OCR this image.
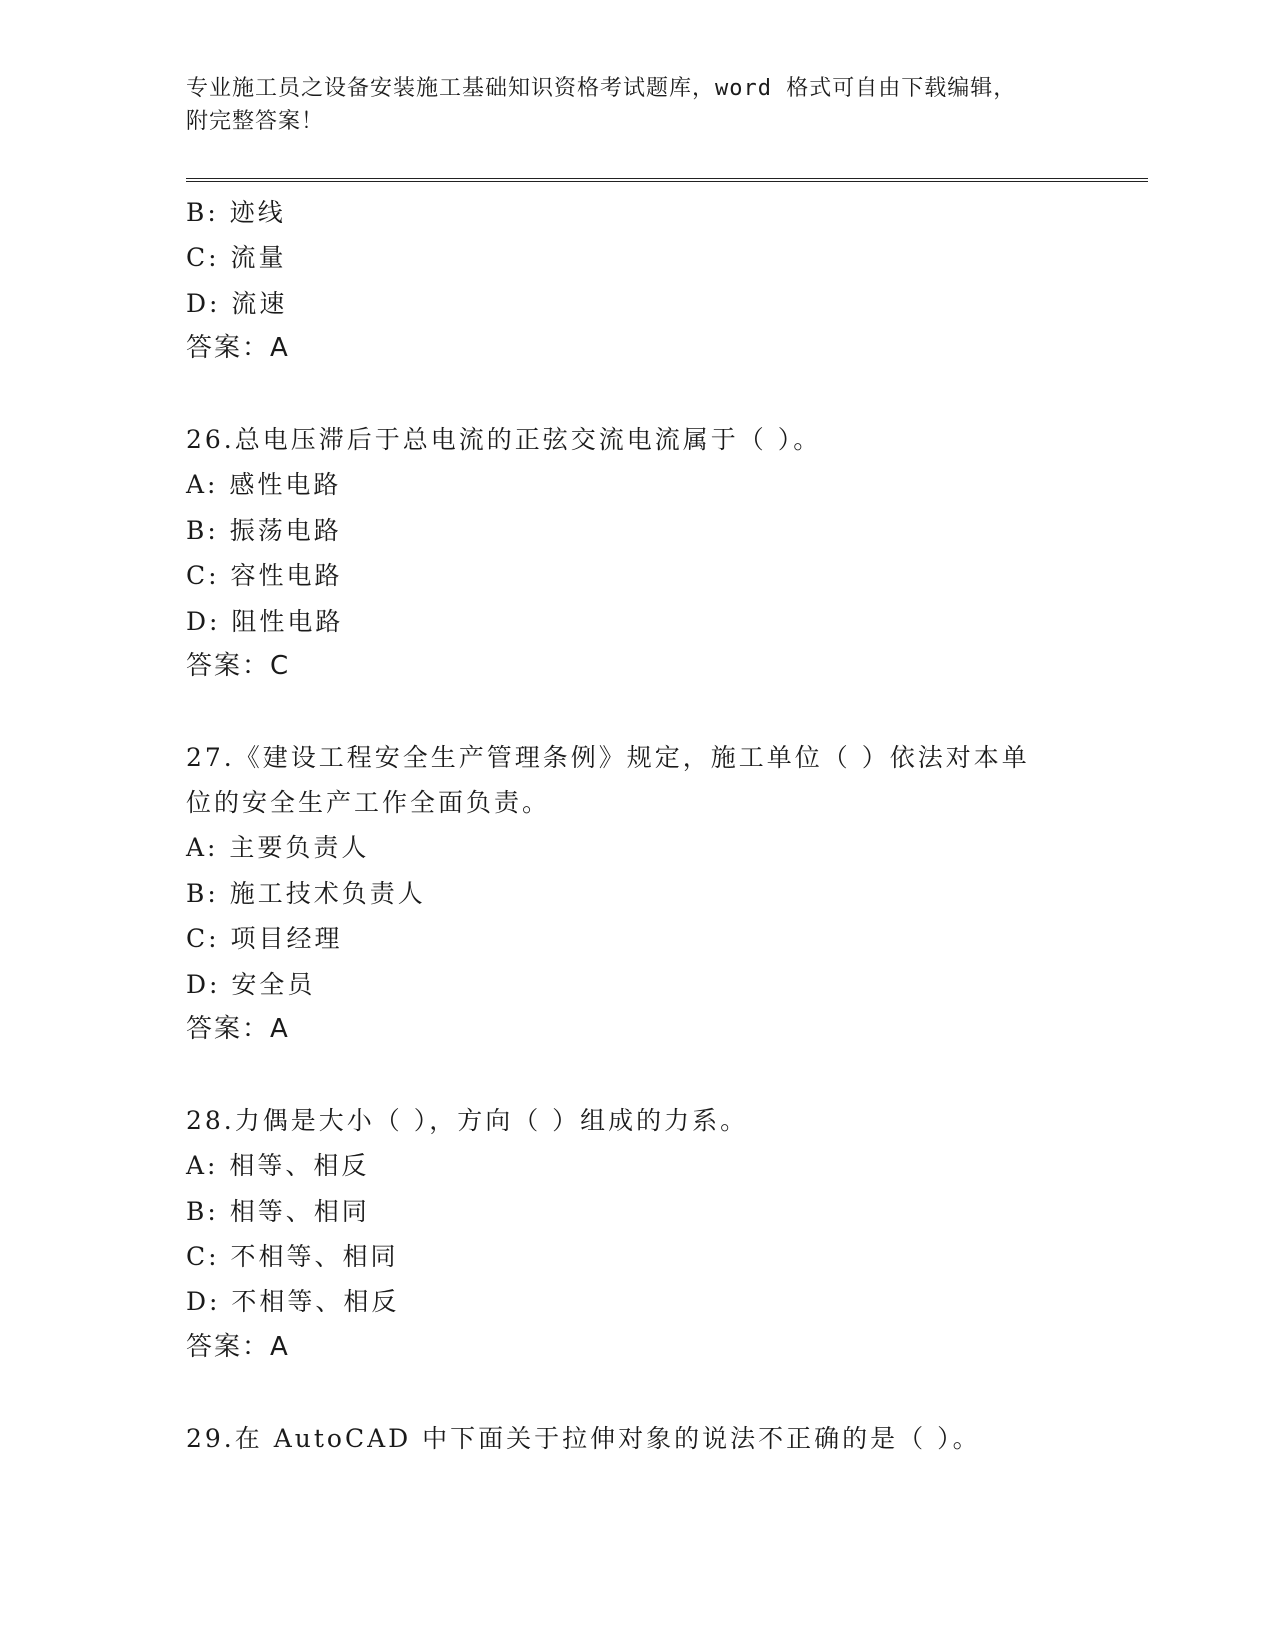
专业施工员之设备安装施工基础知识资格考试题库，word 格式可自由下载编辑，
附完整答案！
B: 迹线
C: 流量
D: 流速
答案：A
26.总电压滞后于总电流的正弦交流电流属于（ ）。
A: 感性电路
B: 振荡电路
C: 容性电路
D: 阻性电路
答案：C
27.《建设工程安全生产管理条例》规定，施工单位（ ）依法对本单
位的安全生产工作全面负责。
A: 主要负责人
B: 施工技术负责人
C: 项目经理
D: 安全员
答案：A
28.力偶是大小（ ），方向（ ）组成的力系。
A: 相等、相反
B: 相等、相同
C: 不相等、相同
D: 不相等、相反
答案：A
29.在 AutoCAD 中下面关于拉伸对象的说法不正确的是（ ）。
